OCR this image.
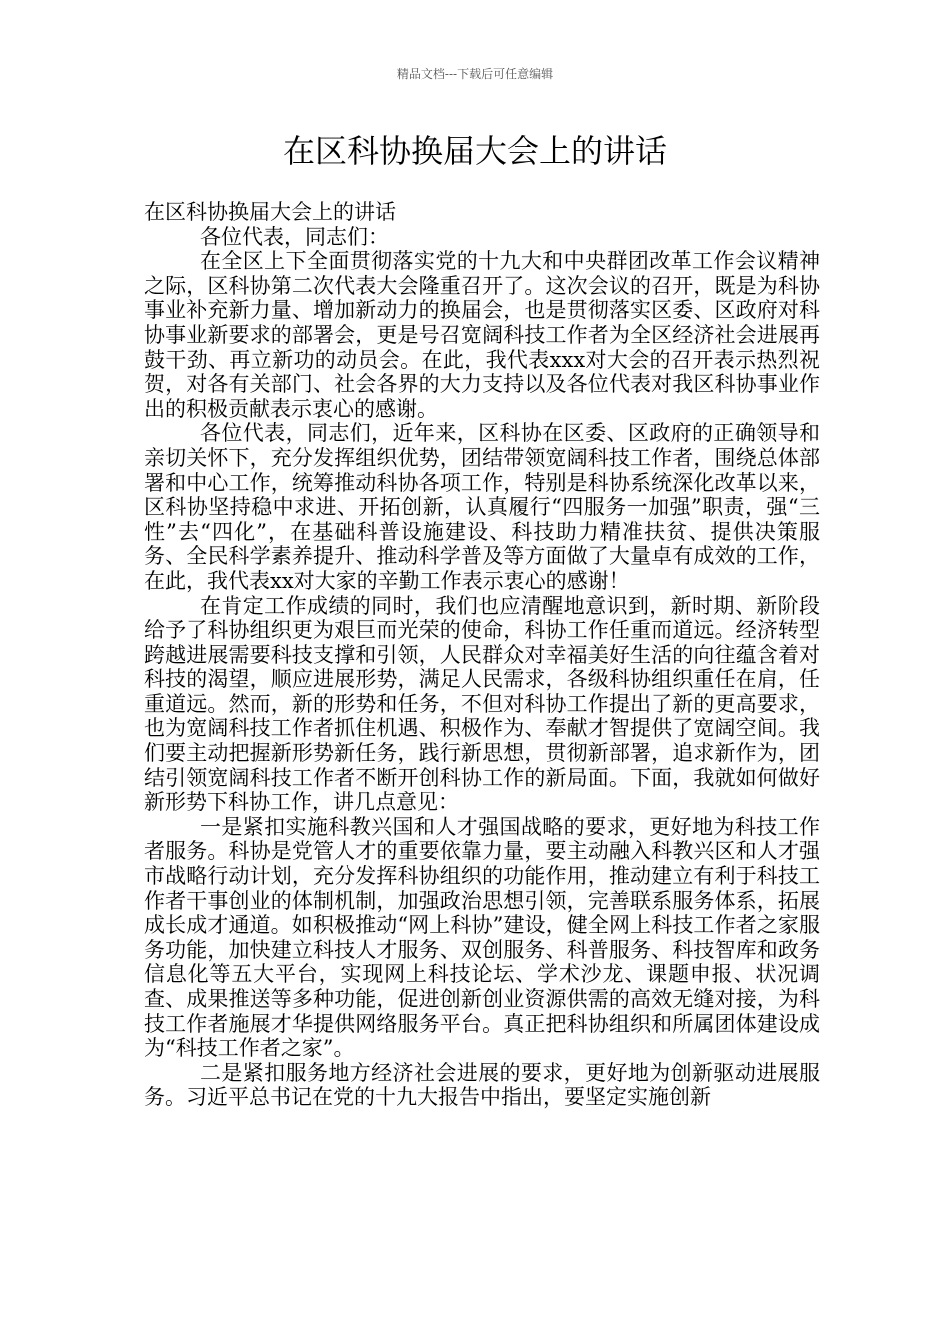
精品文档---下载后可任意编辑
在区科协换届大会上的讲话

在区科协换届大会上的讲话

各位代表，同志们：

在全区上下全面贯彻落实党的十九大和中央群团改革工作会议精神之际，区科协第二次代表大会隆重召开了。这次会议的召开，既是为科协事业补充新力量、增加新动力的换届会，也是贯彻落实区委、区政府对科协事业新要求的部署会，更是号召宽阔科技工作者为全区经济社会进展再鼓干劲、再立新功的动员会。在此，我代表xxx对大会的召开表示热烈祝贺，对各有关部门、社会各界的大力支持以及各位代表对我区科协事业作出的积极贡献表示衷心的感谢。

各位代表，同志们，近年来，区科协在区委、区政府的正确领导和亲切关怀下，充分发挥组织优势，团结带领宽阔科技工作者，围绕总体部署和中心工作，统筹推动科协各项工作，特别是科协系统深化改革以来，区科协坚持稳中求进、开拓创新，认真履行“四服务一加强”职责，强“三性”去“四化”，在基础科普设施建设、科技助力精准扶贫、提供决策服务、全民科学素养提升、推动科学普及等方面做了大量卓有成效的工作，在此，我代表xx对大家的辛勤工作表示衷心的感谢！

在肯定工作成绩的同时，我们也应清醒地意识到，新时期、新阶段给予了科协组织更为艰巨而光荣的使命，科协工作任重而道远。经济转型跨越进展需要科技支撑和引领，人民群众对幸福美好生活的向往蕴含着对科技的渴望，顺应进展形势，满足人民需求，各级科协组织重任在肩，任重道远。然而，新的形势和任务，不但对科协工作提出了新的更高要求，也为宽阔科技工作者抓住机遇、积极作为、奉献才智提供了宽阔空间。我们要主动把握新形势新任务，践行新思想，贯彻新部署，追求新作为，团结引领宽阔科技工作者不断开创科协工作的新局面。下面，我就如何做好新形势下科协工作，讲几点意见：

一是紧扣实施科教兴国和人才强国战略的要求，更好地为科技工作者服务。科协是党管人才的重要依靠力量，要主动融入科教兴区和人才强市战略行动计划，充分发挥科协组织的功能作用，推动建立有利于科技工作者干事创业的体制机制，加强政治思想引领，完善联系服务体系，拓展成长成才通道。如积极推动“网上科协”建设，健全网上科技工作者之家服务功能，加快建立科技人才服务、双创服务、科普服务、科技智库和政务信息化等五大平台，实现网上科技论坛、学术沙龙、课题申报、状况调查、成果推送等多种功能，促进创新创业资源供需的高效无缝对接，为科技工作者施展才华提供网络服务平台。真正把科协组织和所属团体建设成为“科技工作者之家”。

二是紧扣服务地方经济社会进展的要求，更好地为创新驱动进展服务。习近平总书记在党的十九大报告中指出，要坚定实施创新
